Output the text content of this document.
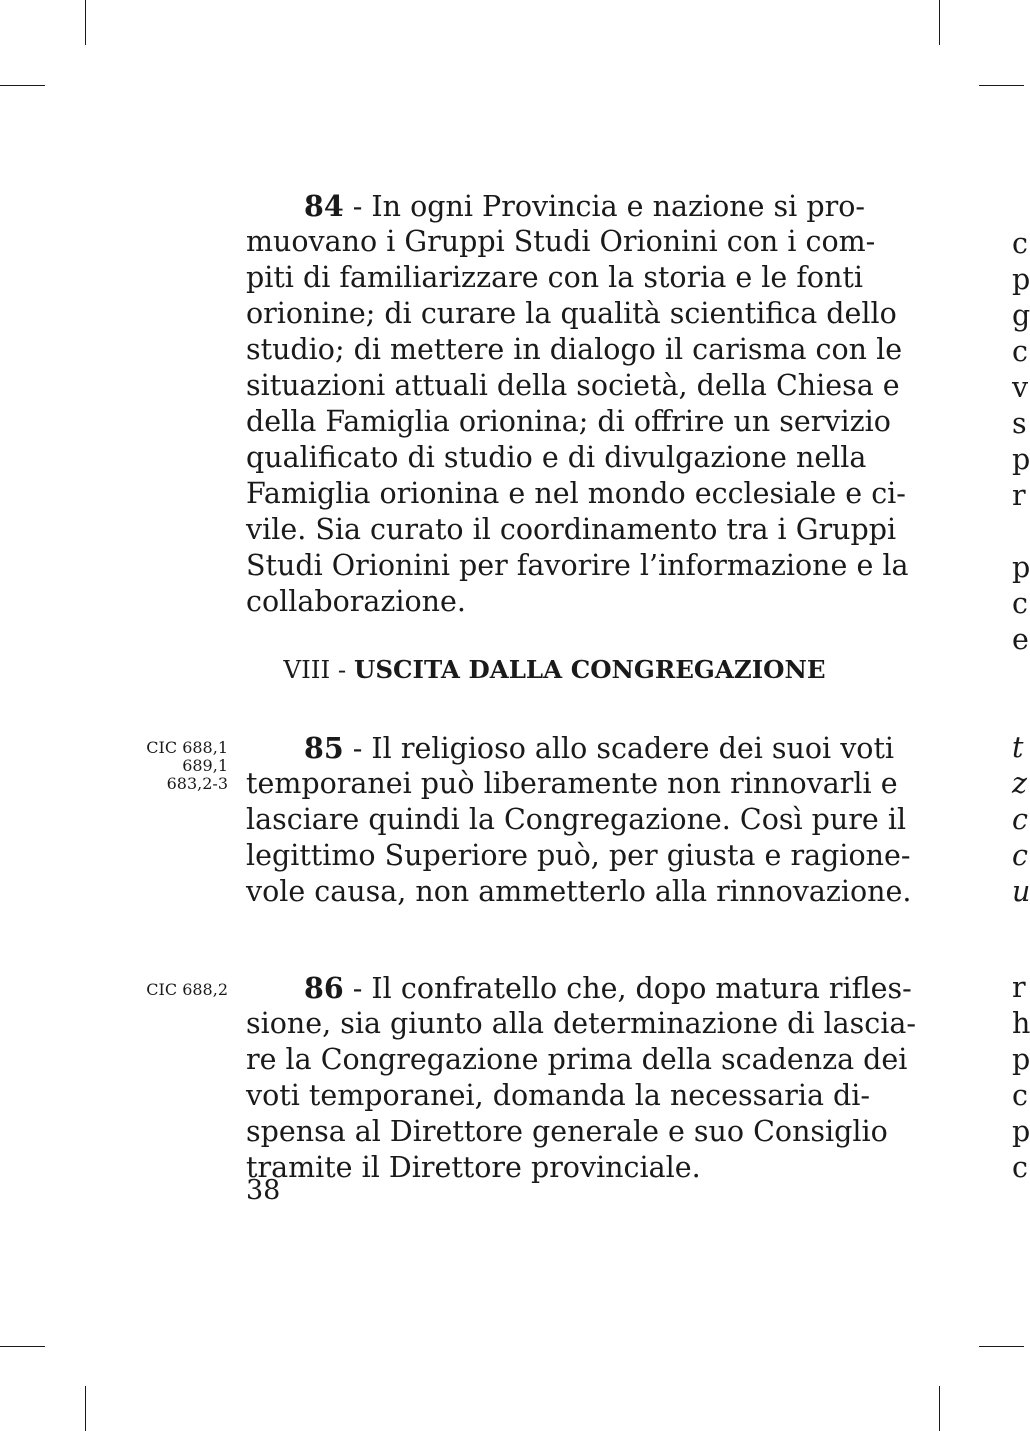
84 - In ogni Provincia e nazione si pro-
muovano i Gruppi Studi Orionini con i com-
piti di familiarizzare con la storia e le fonti
orionine; di curare la qualità scientifica dello
studio; di mettere in dialogo il carisma con le
situazioni attuali della società, della Chiesa e
della Famiglia orionina; di offrire un servizio
qualificato di studio e di divulgazione nella
Famiglia orionina e nel mondo ecclesiale e ci-
vile. Sia curato il coordinamento tra i Gruppi
Studi Orionini per favorire l’informazione e la
collaborazione.
VIII - USCITA DALLA CONGREGAZIONE
CIC 688,1
689,1
683,2-3
85 - Il religioso allo scadere dei suoi voti
temporanei può liberamente non rinnovarli e
lasciare quindi la Congregazione. Così pure il
legittimo Superiore può, per giusta e ragione-
vole causa, non ammetterlo alla rinnovazione.
CIC 688,2	86 - Il confratello che, dopo matura rifles-
sione, sia giunto alla determinazione di lascia-
re la Congregazione prima della scadenza dei
voti temporanei, domanda la necessaria di-
spensa al Direttore generale e suo Consiglio
tramite il Direttore provinciale.
38
c
p
g
c
v
s
p
r
p
c
e
t
z
c
c
u
r
h
p
c
p
c
